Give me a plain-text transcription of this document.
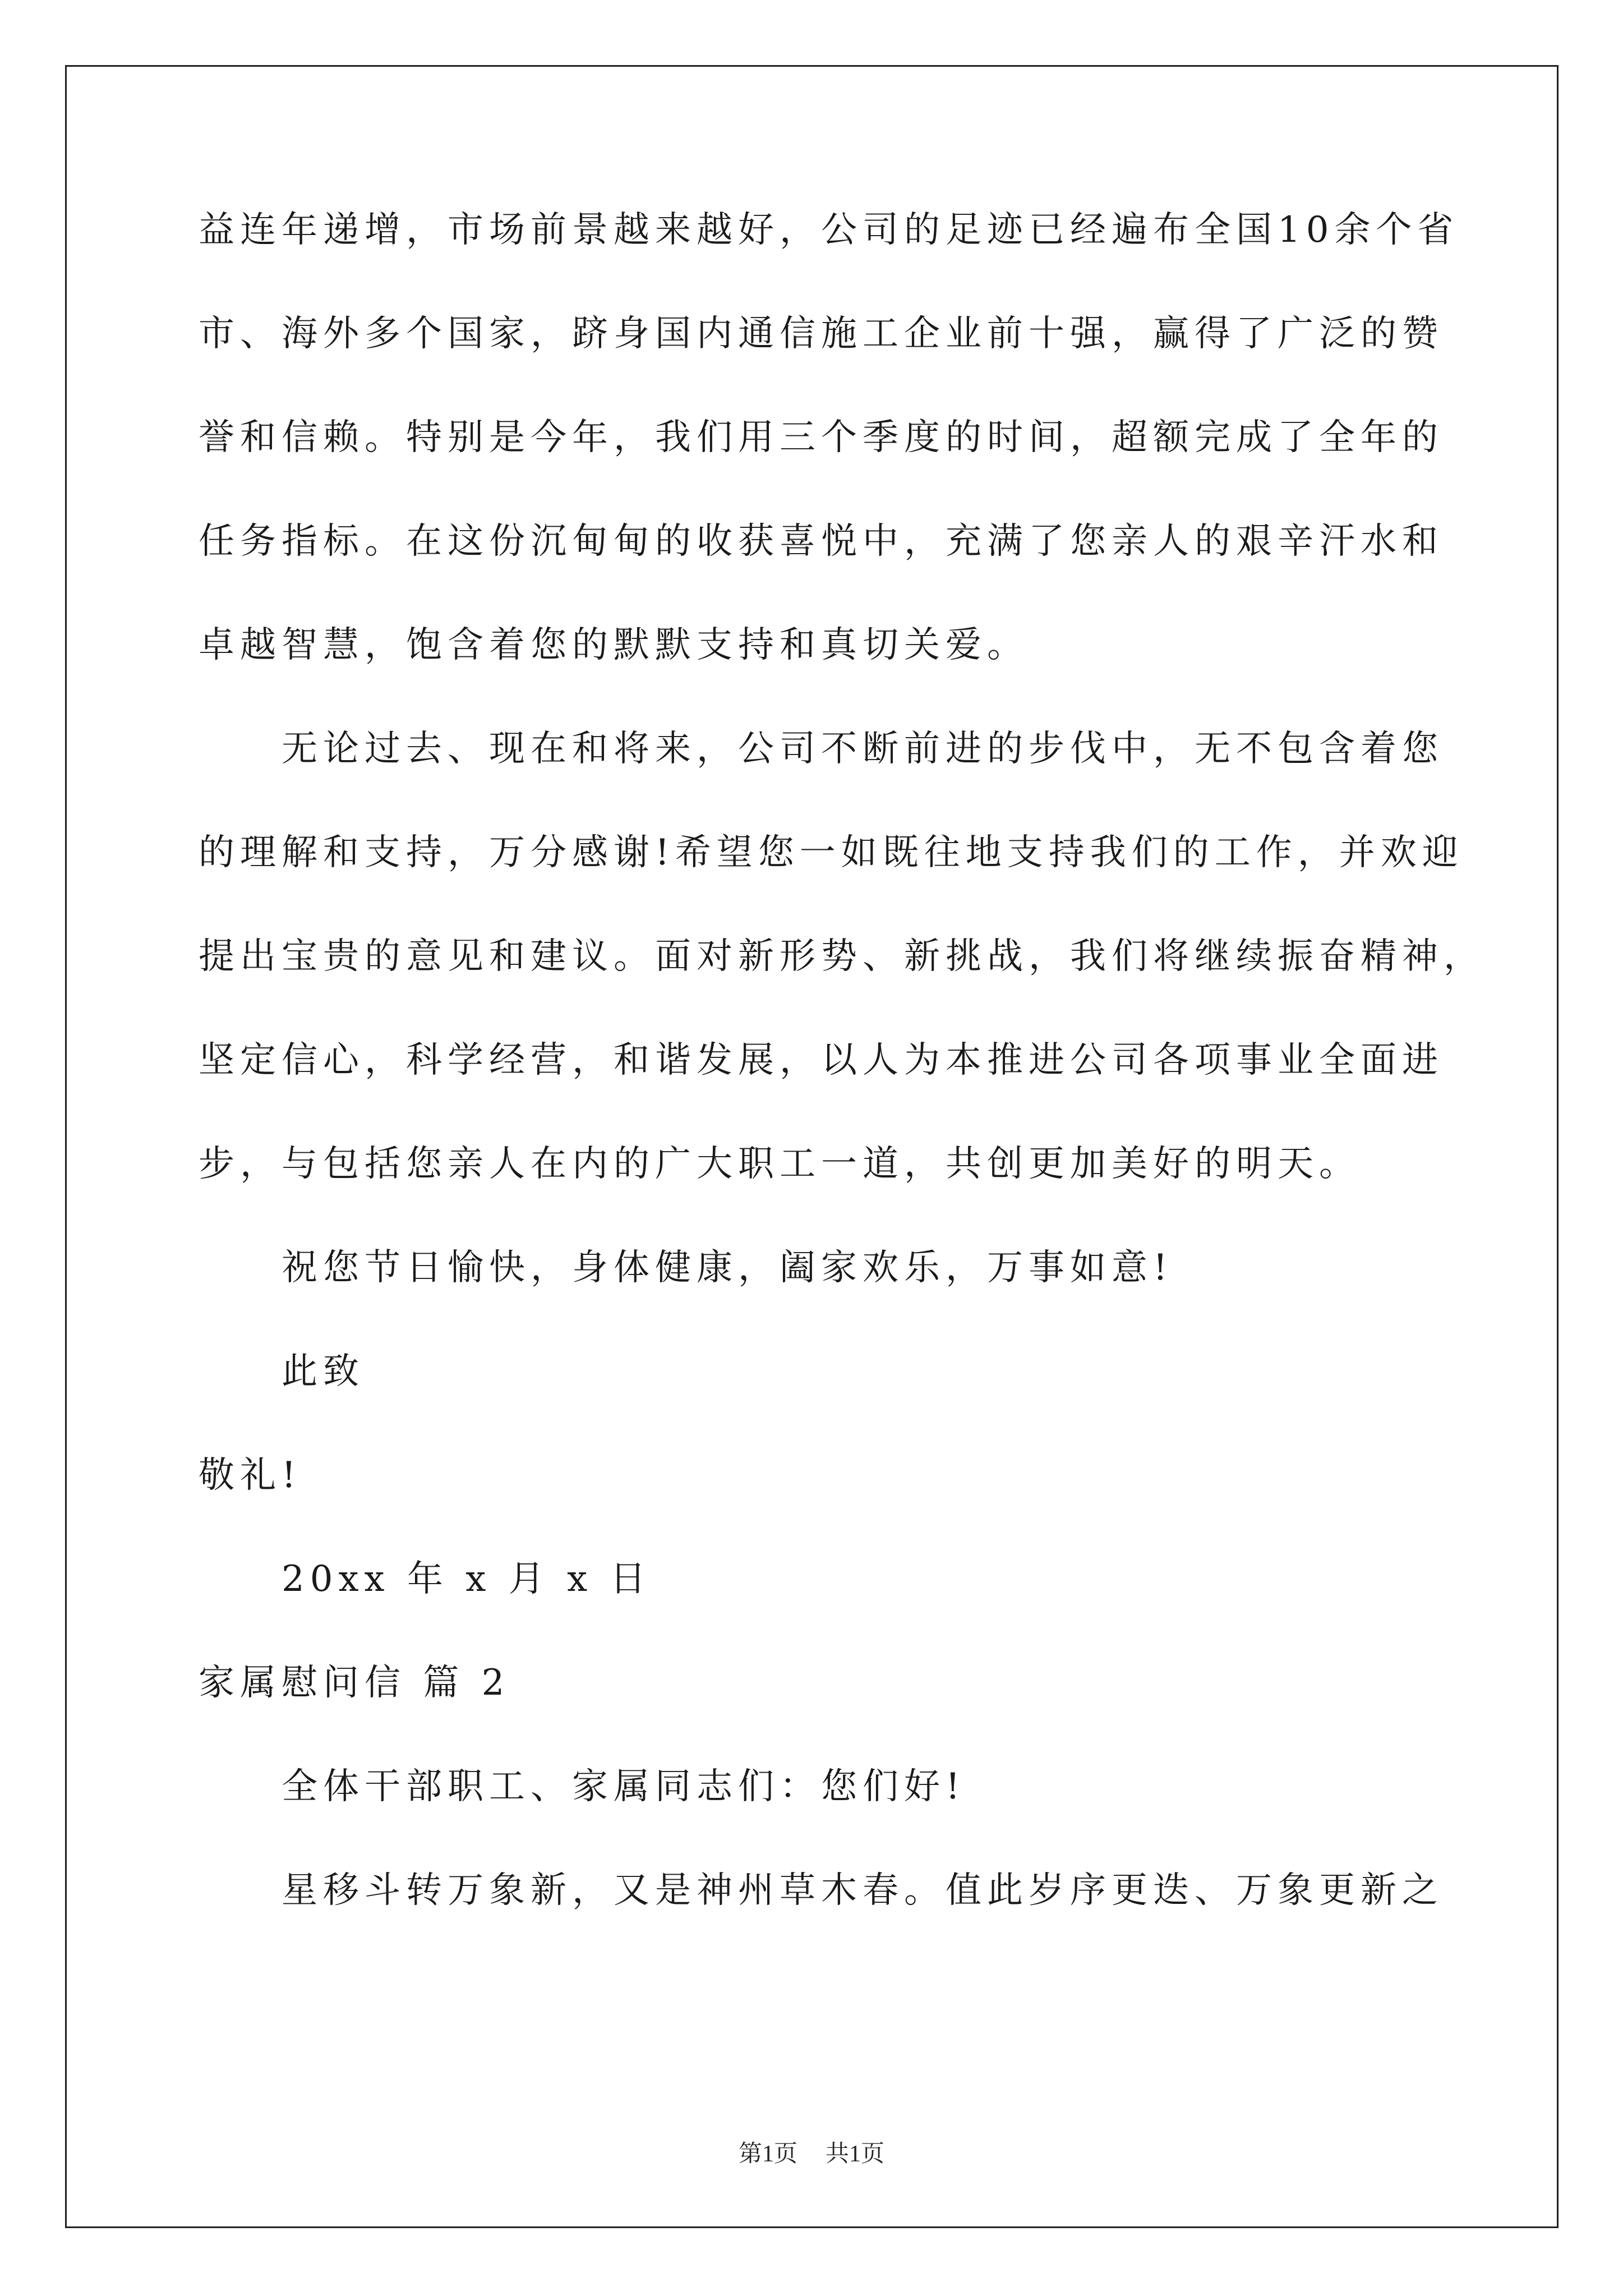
益连年递增，市场前景越来越好，公司的足迹已经遍布全国10余个省
市、海外多个国家，跻身国内通信施工企业前十强，赢得了广泛的赞
誉和信赖。特别是今年，我们用三个季度的时间，超额完成了全年的
任务指标。在这份沉甸甸的收获喜悦中，充满了您亲人的艰辛汗水和
卓越智慧，饱含着您的默默支持和真切关爱。
无论过去、现在和将来，公司不断前进的步伐中，无不包含着您
的理解和支持，万分感谢!希望您一如既往地支持我们的工作，并欢迎
提出宝贵的意见和建议。面对新形势、新挑战，我们将继续振奋精神，
坚定信心，科学经营，和谐发展，以人为本推进公司各项事业全面进
步，与包括您亲人在内的广大职工一道，共创更加美好的明天。
祝您节日愉快，身体健康，阖家欢乐，万事如意!
此致
敬礼!
20xx 年 x 月 x 日
家属慰问信 篇 2
全体干部职工、家属同志们：您们好!
星移斗转万象新，又是神州草木春。值此岁序更迭、万象更新之
第1页 共1页
